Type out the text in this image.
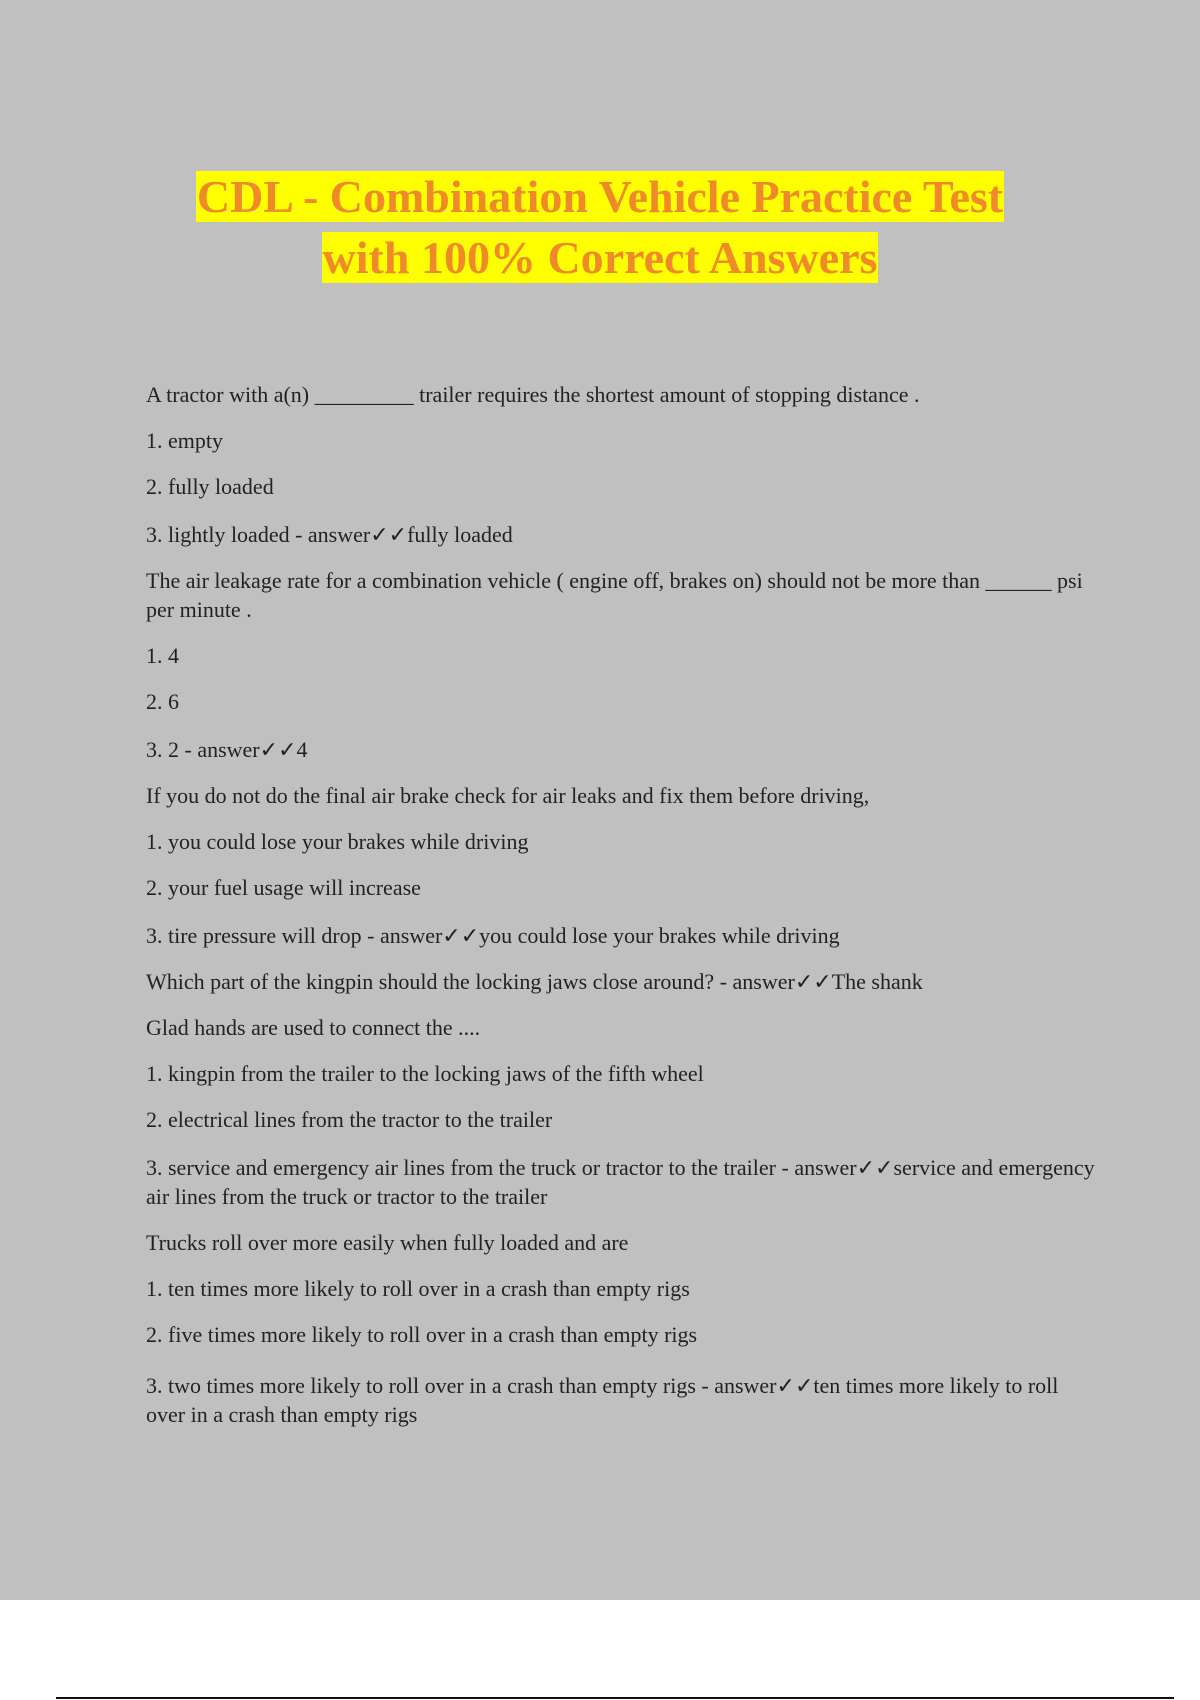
CDL - Combination Vehicle Practice Test
with 100% Correct Answers

A tractor with a(n) _________ trailer requires the shortest amount of stopping distance .

1. empty

2. fully loaded

3. lightly loaded - answer✓✓fully loaded

The air leakage rate for a combination vehicle ( engine off, brakes on) should not be more than ______ psi per minute .

1. 4

2. 6

3. 2 - answer✓✓4

If you do not do the final air brake check for air leaks and fix them before driving,

1. you could lose your brakes while driving

2. your fuel usage will increase

3. tire pressure will drop - answer✓✓you could lose your brakes while driving

Which part of the kingpin should the locking jaws close around? - answer✓✓The shank

Glad hands are used to connect the ....

1. kingpin from the trailer to the locking jaws of the fifth wheel

2. electrical lines from the tractor to the trailer

3. service and emergency air lines from the truck or tractor to the trailer - answer✓✓service and emergency air lines from the truck or tractor to the trailer

Trucks roll over more easily when fully loaded and are

1. ten times more likely to roll over in a crash than empty rigs

2. five times more likely to roll over in a crash than empty rigs

3. two times more likely to roll over in a crash than empty rigs - answer✓✓ten times more likely to roll over in a crash than empty rigs
